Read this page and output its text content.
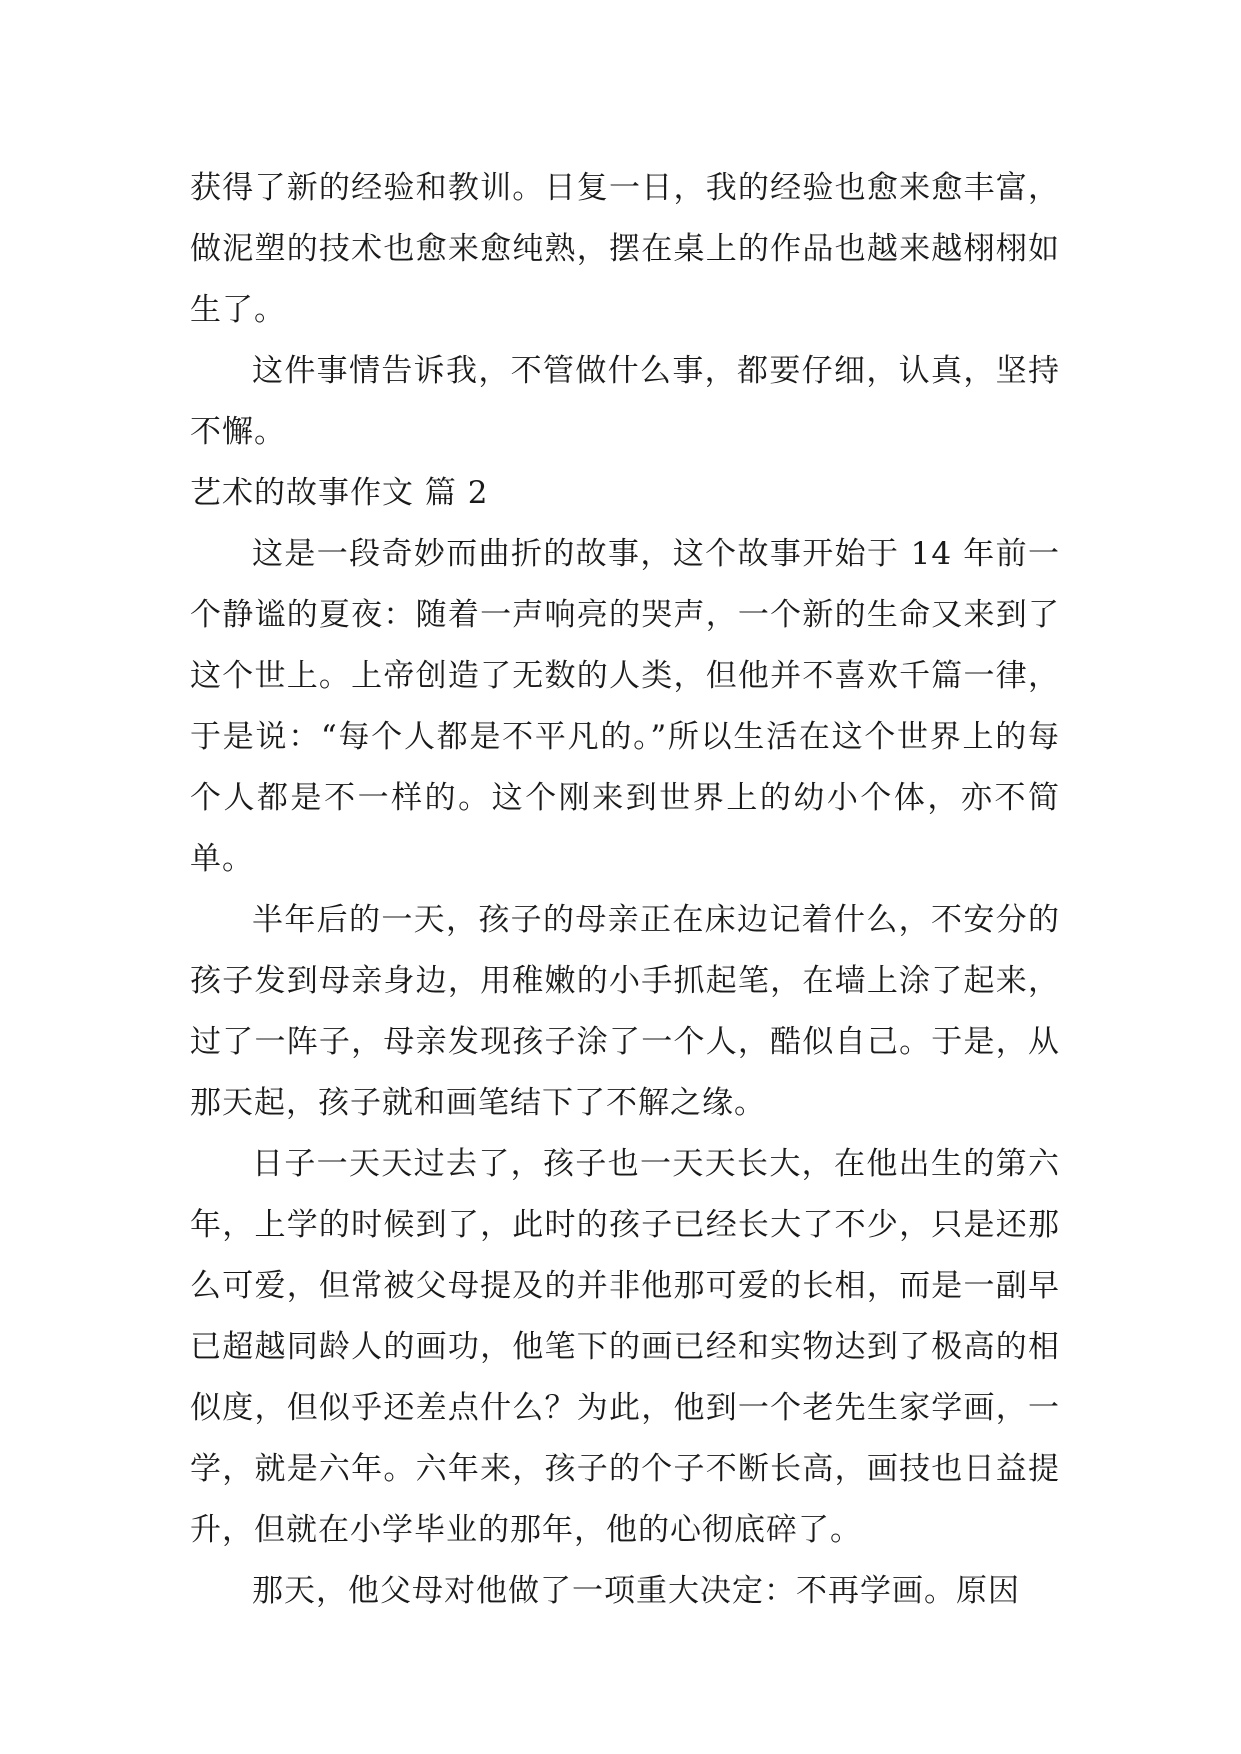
获得了新的经验和教训。日复一日，我的经验也愈来愈丰富，做泥塑的技术也愈来愈纯熟，摆在桌上的作品也越来越栩栩如生了。

这件事情告诉我，不管做什么事，都要仔细，认真，坚持不懈。

艺术的故事作文 篇 2

这是一段奇妙而曲折的故事，这个故事开始于 14 年前一个静谧的夏夜：随着一声响亮的哭声，一个新的生命又来到了这个世上。上帝创造了无数的人类，但他并不喜欢千篇一律，于是说：“每个人都是不平凡的。”所以生活在这个世界上的每个人都是不一样的。这个刚来到世界上的幼小个体，亦不简单。

半年后的一天，孩子的母亲正在床边记着什么，不安分的孩子发到母亲身边，用稚嫩的小手抓起笔，在墙上涂了起来，过了一阵子，母亲发现孩子涂了一个人，酷似自己。于是，从那天起，孩子就和画笔结下了不解之缘。

日子一天天过去了，孩子也一天天长大，在他出生的第六年，上学的时候到了，此时的孩子已经长大了不少，只是还那么可爱，但常被父母提及的并非他那可爱的长相，而是一副早已超越同龄人的画功，他笔下的画已经和实物达到了极高的相似度，但似乎还差点什么？为此，他到一个老先生家学画，一学，就是六年。六年来，孩子的个子不断长高，画技也日益提升，但就在小学毕业的那年，他的心彻底碎了。

那天，他父母对他做了一项重大决定：不再学画。原因
